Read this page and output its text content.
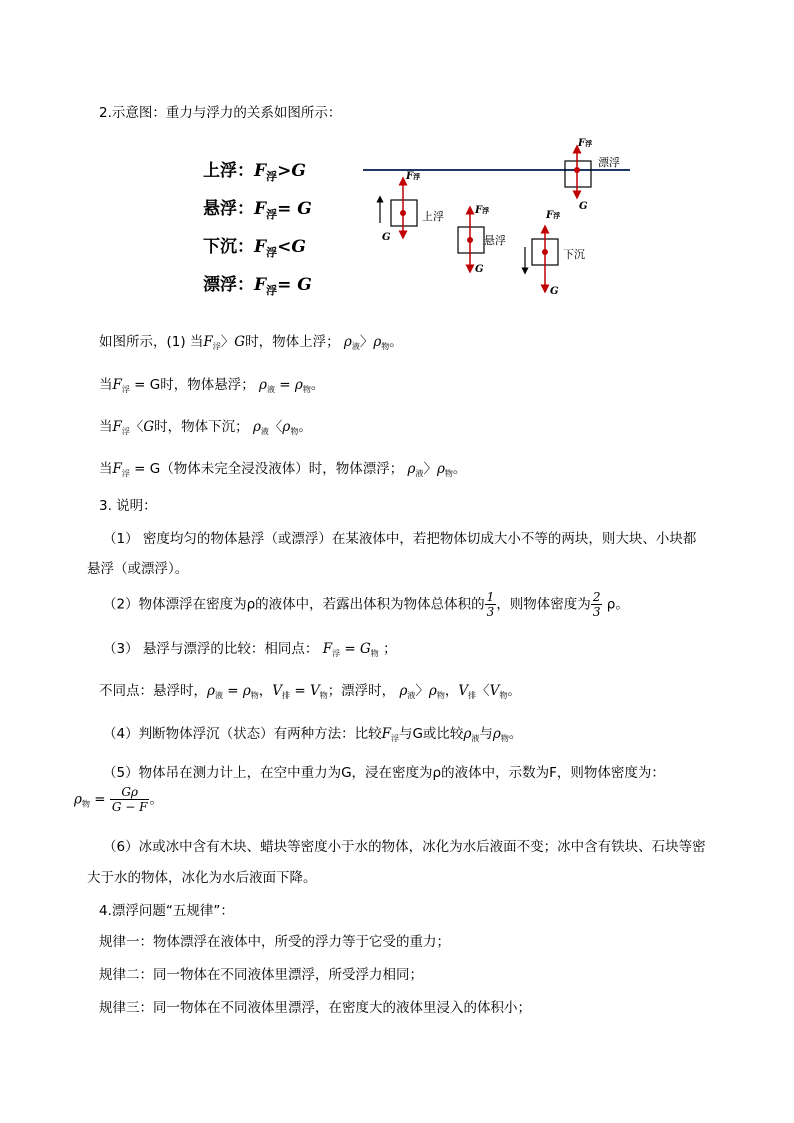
2.示意图：重力与浮力的关系如图所示：
上浮：$F_浮>G$
悬浮：$F_浮= G$
下沉：$F_浮<G$
漂浮：$F_浮= G$
F浮
G
上浮	F浮
G
悬浮
F浮
G
下沉
F浮
G
漂浮
如图所示，(1) 当$F_浮$〉G时，物体上浮； $\rho_液$〉$\rho_物$。
当$F_浮 = G$时，物体悬浮； $\rho_液 = \rho_物$。
当$F_浮$〈G时，物体下沉； $\rho_液$〈$\rho_物$。
当$F_浮 = G$（物体未完全浸没液体）时，物体漂浮； $\rho_液$〉$\rho_物$。
3. 说明：
（1） 密度均匀的物体悬浮（或漂浮）在某液体中，若把物体切成大小不等的两块，则大块、小块都
悬浮（或漂浮）。
（2）物体漂浮在密度为ρ的液体中，若露出体积为物体总体积的 $\frac{1}{3}$ ，则物体密度为 $\frac{2}{3}$ ρ。
（3） 悬浮与漂浮的比较：相同点： $F_浮 = G_物$ ；
不同点：悬浮时，$\rho_液 = \rho_物$，$V_排 = V_物$；漂浮时， $\rho_液$〉$\rho_物$，$V_排$〈$V_物$。
（4）判断物体浮沉（状态）有两种方法：比较$F_浮$与G或比较$\rho_液$与$\rho_物$。
（5）物体吊在测力计上，在空中重力为G，浸在密度为ρ的液体中，示数为F，则物体密度为：
$\rho_物 = \frac{G\rho}{G - F}$ 。
（6）冰或冰中含有木块、蜡块等密度小于水的物体，冰化为水后液面不变；冰中含有铁块、石块等密
大于水的物体，冰化为水后液面下降。
4.漂浮问题“五规律”：
规律一：物体漂浮在液体中，所受的浮力等于它受的重力；
规律二：同一物体在不同液体里漂浮，所受浮力相同；
规律三：同一物体在不同液体里漂浮，在密度大的液体里浸入的体积小；
